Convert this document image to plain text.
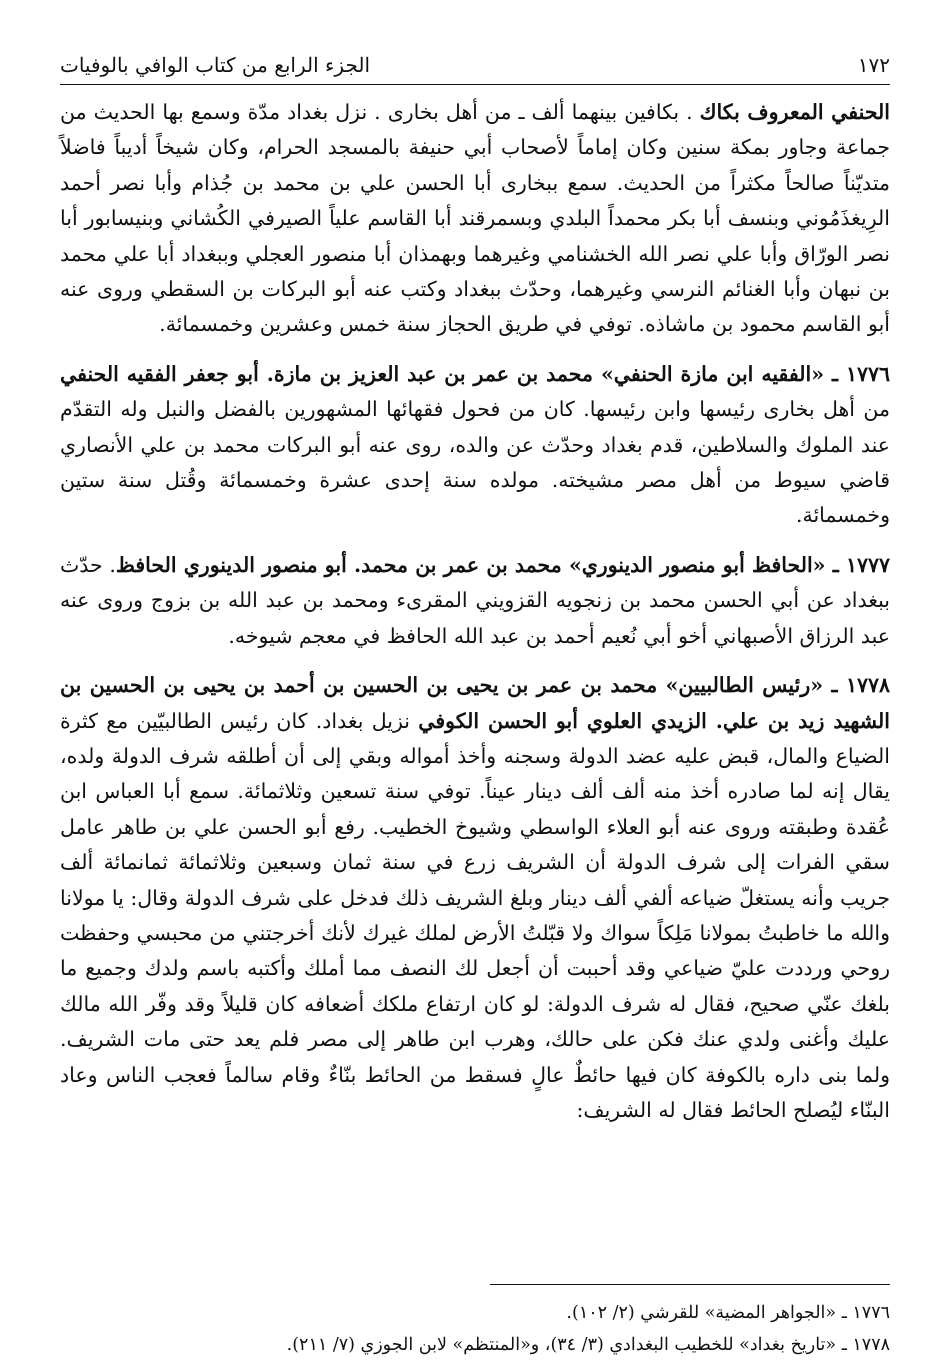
١٧٢
الجزء الرابع من كتاب الوافي بالوفيات

الحنفي المعروف بكاك . بكافين بينهما ألف ـ من أهل بخارى . نزل بغداد مدّة وسمع بها الحديث من جماعة وجاور بمكة سنين وكان إماماً لأصحاب أبي حنيفة بالمسجد الحرام، وكان شيخاً أديباً فاضلاً متديّناً صالحاً مكثراً من الحديث. سمع ببخارى أبا الحسن علي بن محمد بن جُذام وأبا نصر أحمد الرِيغذَمُوني وبنسف أبا بكر محمداً البلدي وبسمرقند أبا القاسم علياً الصيرفي الكُشاني وبنيسابور أبا نصر الورّاق وأبا علي نصر الله الخشنامي وغيرهما وبهمذان أبا منصور العجلي وببغداد أبا علي محمد بن نبهان وأبا الغنائم النرسي وغيرهما، وحدّث ببغداد وكتب عنه أبو البركات بن السقطي وروى عنه أبو القاسم محمود بن ماشاذه. توفي في طريق الحجاز سنة خمس وعشرين وخمسمائة.

١٧٧٦ ـ «الفقيه ابن مازة الحنفي» محمد بن عمر بن عبد العزيز بن مازة. أبو جعفر الفقيه الحنفي من أهل بخارى رئيسها وابن رئيسها. كان من فحول فقهائها المشهورين بالفضل والنبل وله التقدّم عند الملوك والسلاطين، قدم بغداد وحدّث عن والده، روى عنه أبو البركات محمد بن علي الأنصاري قاضي سيوط من أهل مصر مشيخته. مولده سنة إحدى عشرة وخمسمائة وقُتل سنة ستين وخمسمائة.

١٧٧٧ ـ «الحافظ أبو منصور الدينوري» محمد بن عمر بن محمد. أبو منصور الدينوري الحافظ. حدّث ببغداد عن أبي الحسن محمد بن زنجويه القزويني المقرىء ومحمد بن عبد الله بن بزوج وروى عنه عبد الرزاق الأصبهاني أخو أبي نُعيم أحمد بن عبد الله الحافظ في معجم شيوخه.

١٧٧٨ ـ «رئيس الطالبيين» محمد بن عمر بن يحيى بن الحسين بن أحمد بن يحيى بن الحسين بن الشهيد زيد بن علي. الزيدي العلوي أبو الحسن الكوفي نزيل بغداد. كان رئيس الطالبيّين مع كثرة الضياع والمال، قبض عليه عضد الدولة وسجنه وأخذ أمواله وبقي إلى أن أطلقه شرف الدولة ولده، يقال إنه لما صادره أخذ منه ألف ألف دينار عيناً. توفي سنة تسعين وثلاثمائة. سمع أبا العباس ابن عُقدة وطبقته وروى عنه أبو العلاء الواسطي وشيوخ الخطيب. رفع أبو الحسن علي بن طاهر عامل سقي الفرات إلى شرف الدولة أن الشريف زرع في سنة ثمان وسبعين وثلاثمائة ثمانمائة ألف جريب وأنه يستغلّ ضياعه ألفي ألف دينار وبلغ الشريف ذلك فدخل على شرف الدولة وقال: يا مولانا والله ما خاطبتُ بمولانا مَلِكاً سواك ولا قبّلتُ الأرض لملك غيرك لأنك أخرجتني من محبسي وحفظت روحي ورددت عليّ ضياعي وقد أحببت أن أجعل لك النصف مما أملك وأكتبه باسم ولدك وجميع ما بلغك عنّي صحيح، فقال له شرف الدولة: لو كان ارتفاع ملكك أضعافه كان قليلاً وقد وفّر الله مالك عليك وأغنى ولدي عنك فكن على حالك، وهرب ابن طاهر إلى مصر فلم يعد حتى مات الشريف. ولما بنى داره بالكوفة كان فيها حائطٌ عالٍ فسقط من الحائط بنّاءٌ وقام سالماً فعجب الناس وعاد البنّاء ليُصلح الحائط فقال له الشريف:

١٧٧٦ ـ «الجواهر المضية» للقرشي (٢/ ١٠٢).

١٧٧٨ ـ «تاريخ بغداد» للخطيب البغدادي (٣/ ٣٤)، و«المنتظم» لابن الجوزي (٧/ ٢١١).
